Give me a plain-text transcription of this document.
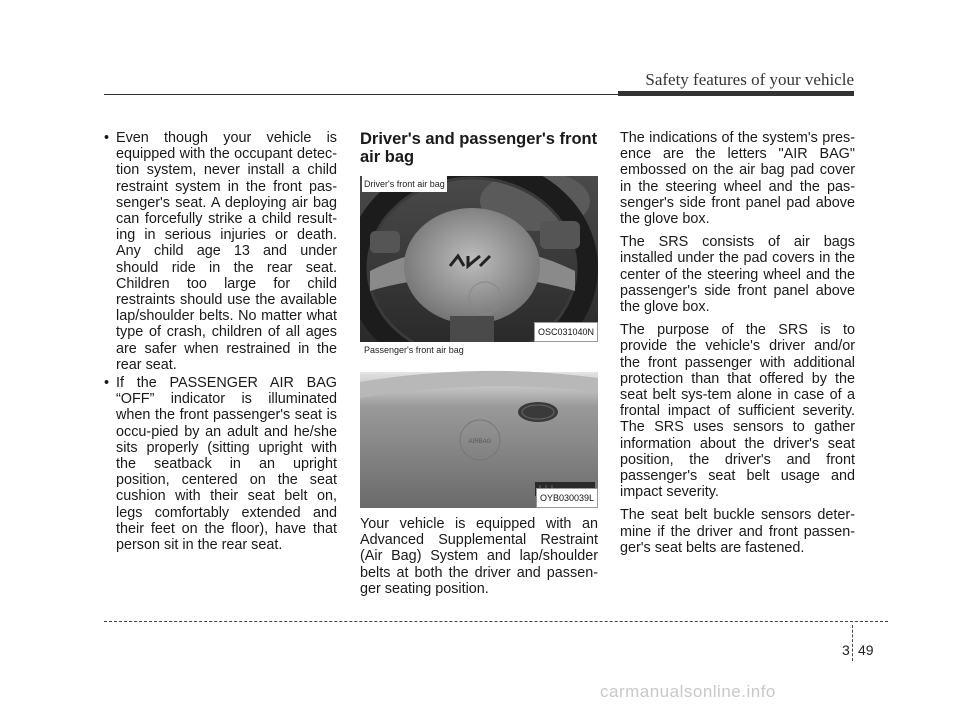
Safety features of your vehicle
• Even though your vehicle is equipped with the occupant detec-tion system, never install a child restraint system in the front pas-senger's seat. A deploying air bag can forcefully strike a child result-ing in serious injuries or death. Any child age 13 and under should ride in the rear seat. Children too large for child restraints should use the available lap/shoulder belts. No matter what type of crash, children of all ages are safer when restrained in the rear seat.
• If the PASSENGER AIR BAG “OFF” indicator is illuminated when the front passenger's seat is occu-pied by an adult and he/she sits properly (sitting upright with the seatback in an upright position, centered on the seat cushion with their seat belt on, legs comfortably extended and their feet on the floor), have that person sit in the rear seat.
Driver's and passenger's front air bag
Driver's front air bag
OSC031040N
AIRBAG
Passenger's front air bag
OYB030039L

Your vehicle is equipped with an Advanced Supplemental Restraint (Air Bag) System and lap/shoulder belts at both the driver and passen-ger seating position.

The indications of the system's pres-ence are the letters "AIR BAG" embossed on the air bag pad cover in the steering wheel and the pas-senger's side front panel pad above the glove box.

The SRS consists of air bags installed under the pad covers in the center of the steering wheel and the passenger's side front panel above the glove box.

The purpose of the SRS is to provide the vehicle's driver and/or the front passenger with additional protection than that offered by the seat belt sys-tem alone in case of a frontal impact of sufficient severity. The SRS uses sensors to gather information about the driver's seat position, the driver's and front passenger's seat belt usage and impact severity.

The seat belt buckle sensors deter-mine if the driver and front passen-ger's seat belts are fastened.

3 49
carmanualsonline.info
